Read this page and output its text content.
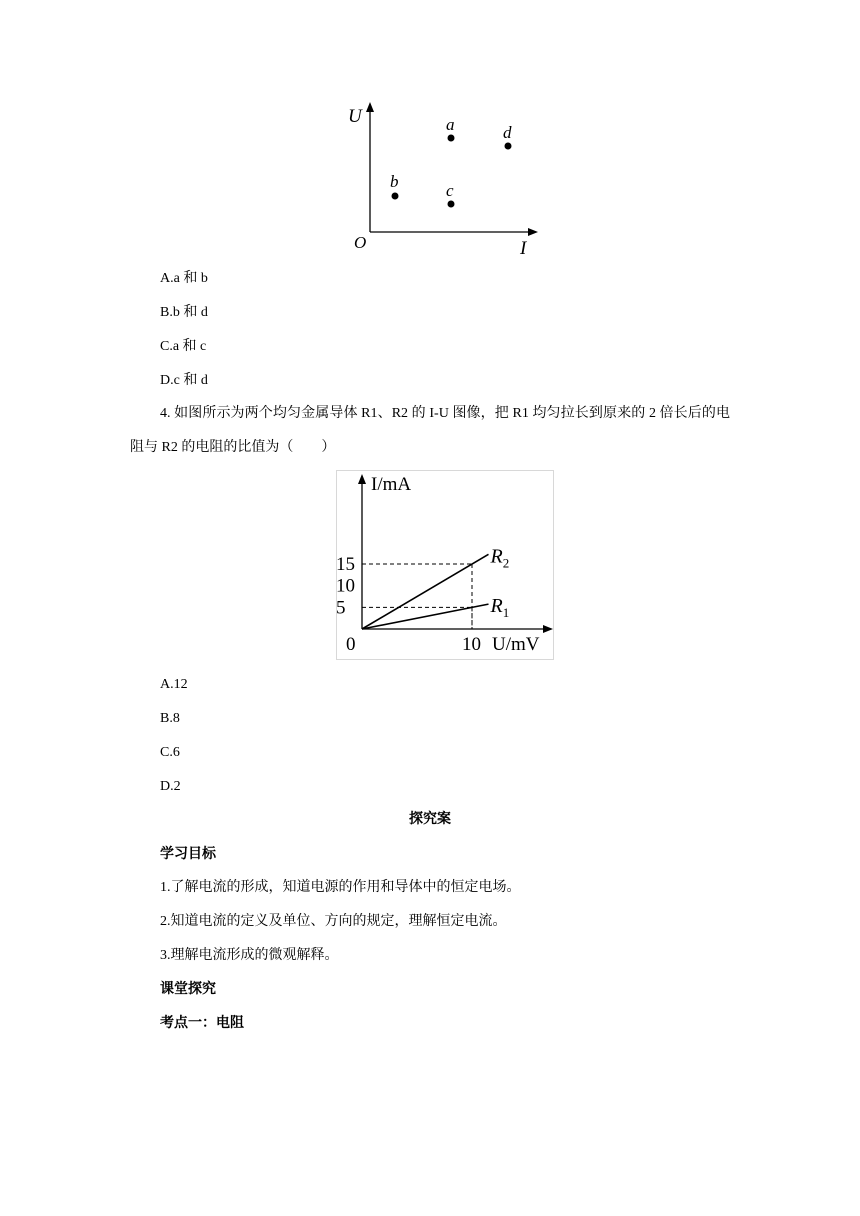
U
I
O
a	d
b	c
A.a 和 b
B.b 和 d
C.a 和 c
D.c 和 d
4. 如图所示为两个均匀金属导体 R1、R2 的 I-U 图像，把 R1 均匀拉长到原来的 2 倍长后的电阻与 R2 的电阻的比值为（　　）
I/mA
U/mV
0
5
10
15
10
$R_2$
$R_1$
A.12
B.8
C.6
D.2
探究案
学习目标
1.了解电流的形成，知道电源的作用和导体中的恒定电场。
2.知道电流的定义及单位、方向的规定，理解恒定电流。
3.理解电流形成的微观解释。
课堂探究
考点一：电阻
